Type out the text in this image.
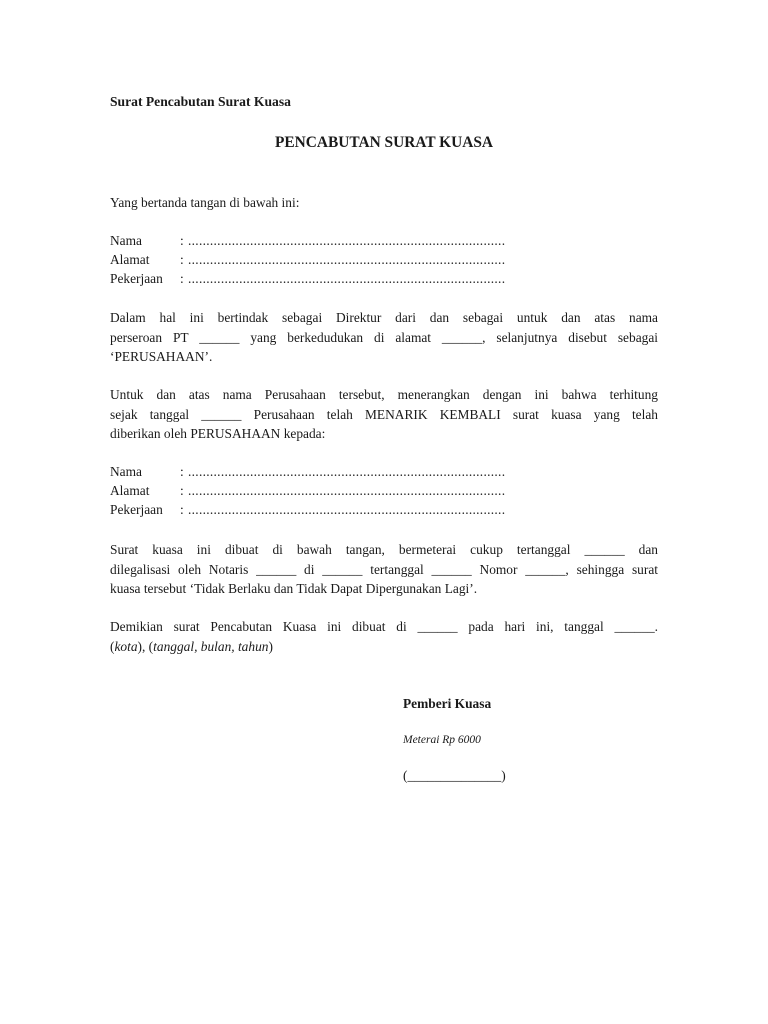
Surat Pencabutan Surat Kuasa
PENCABUTAN SURAT KUASA
Yang bertanda tangan di bawah ini:
Nama	: .......................................................................................
Alamat : .......................................................................................
Pekerjaan : .......................................................................................
Dalam hal ini bertindak sebagai Direktur dari dan sebagai untuk dan atas nama
perseroan PT ______ yang berkedudukan di alamat ______, selanjutnya disebut sebagai
‘PERUSAHAAN’.
Untuk dan atas nama Perusahaan tersebut, menerangkan dengan ini bahwa terhitung
sejak tanggal ______ Perusahaan telah MENARIK KEMBALI surat kuasa yang telah
diberikan oleh PERUSAHAAN kepada:
Nama	: .......................................................................................
Alamat : .......................................................................................
Pekerjaan : .......................................................................................
Surat kuasa ini dibuat di bawah tangan, bermeterai cukup tertanggal ______ dan
dilegalisasi oleh Notaris ______ di ______ tertanggal ______ Nomor ______, sehingga surat
kuasa tersebut ‘Tidak Berlaku dan Tidak Dapat Dipergunakan Lagi’.
Demikian surat Pencabutan Kuasa ini dibuat di ______ pada hari ini, tanggal ______.
(kota), (tanggal, bulan, tahun)
Pemberi Kuasa
Meterai Rp 6000
(______________)
